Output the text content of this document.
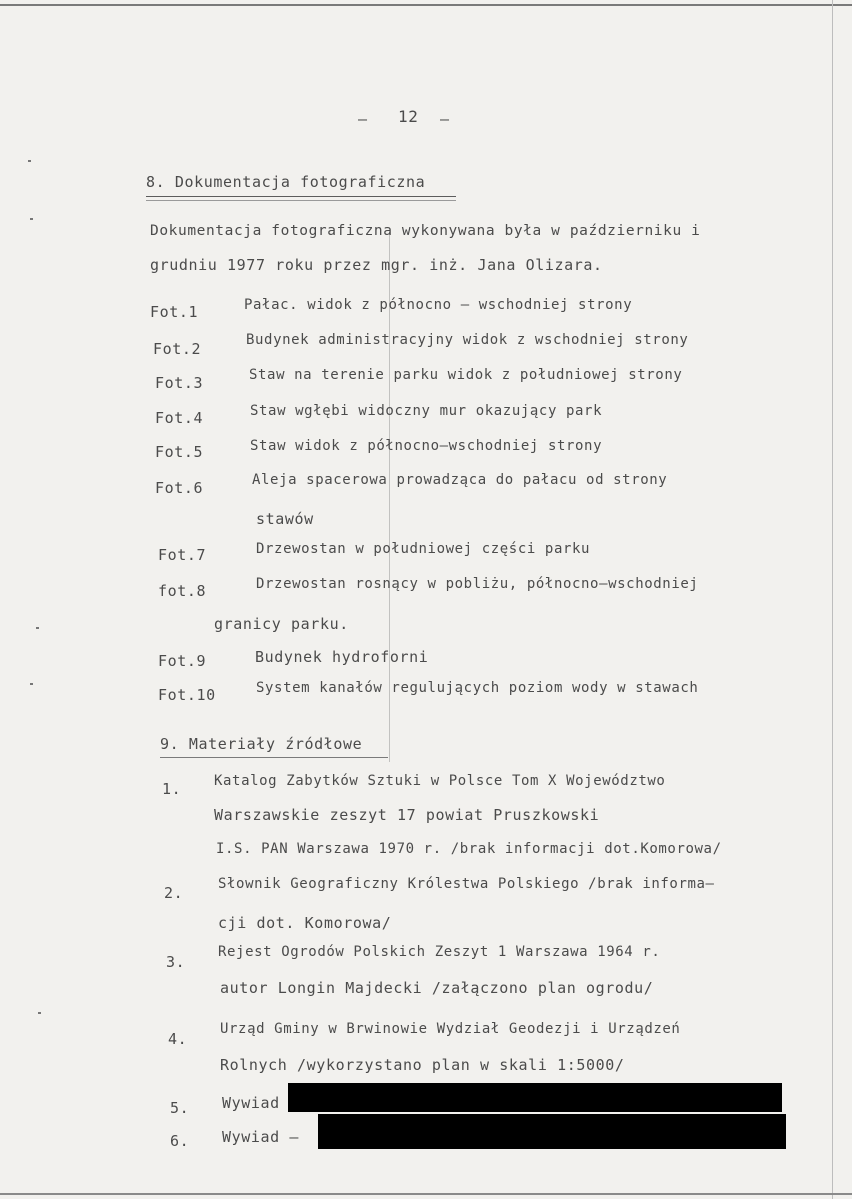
– 12 –
8. Dokumentacja fotograficzna
Dokumentacja fotograficzna wykonywana była w październiku i
grudniu 1977 roku przez mgr. inż. Jana Olizara.
Fot.1	Pałac. widok z północno – wschodniej strony
Fot.2	Budynek administracyjny widok z wschodniej strony
Fot.3	Staw na terenie parku widok z południowej strony
Fot.4	Staw wgłębi widoczny mur okazujący park
Fot.5	Staw widok z północno–wschodniej strony
Fot.6	Aleja spacerowa prowadząca do pałacu od strony
stawów
Fot.7	Drzewostan w południowej części parku
fot.8	Drzewostan rosnący w pobliżu, północno–wschodniej
granicy parku.
Fot.9	Budynek hydroforni
Fot.10	System kanałów regulujących poziom wody w stawach
9. Materiały źródłowe
1. Katalog Zabytków Sztuki w Polsce Tom X Województwo
Warszawskie zeszyt 17 powiat Pruszkowski
I.S. PAN Warszawa 1970 r. /brak informacji dot.Komorowa/
2. Słownik Geograficzny Królestwa Polskiego /brak informa–
cji dot. Komorowa/
3.
Rejest Ogrodów Polskich Zeszyt 1 Warszawa 1964 r.
autor Longin Majdecki /załączono plan ogrodu/
4.
Urząd Gminy w Brwinowie Wydział Geodezji i Urządzeń
Rolnych /wykorzystano plan w skali 1:5000/
5. Wywiad
6. Wywiad –
